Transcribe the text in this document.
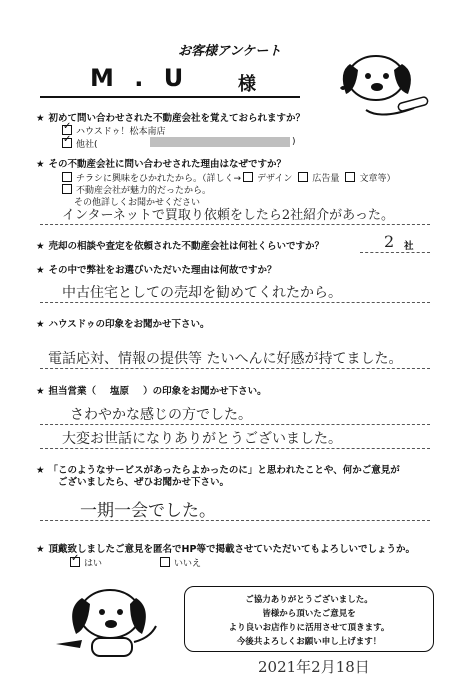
お客様アンケート
M . U	様
★ 初めて問い合わせされた不動産会社を覚えておられますか？
✓ハウスドゥ！松本南店
✓他社(	)
★ その不動産会社に問い合わせされた理由はなぜですか？
チラシに興味をひかれたから。（詳しく→ デザイン 広告量 文章等）
不動産会社が魅力的だったから。
その他詳しくお聞かせください
インターネットで買取り依頼をしたら2社紹介があった。
★ 売却の相談や査定を依頼された不動産会社は何社くらいですか？	2 社
★ その中で弊社をお選びいただいた理由は何故ですか？
中古住宅としての売却を勧めてくれたから。
★ ハウスドゥの印象をお聞かせ下さい。
電話応対、情報の提供等 たいへんに好感が持てました。
★ 担当営業（ 塩原 ）の印象をお聞かせ下さい。
さわやかな感じの方でした。
大変お世話になりありがとうございました。
★ 「このようなサービスがあったらよかったのに」と思われたことや、何かご意見が
ございましたら、ぜひお聞かせ下さい。
一期一会でした。
★ 頂戴致しましたご意見を匿名でHP等で掲載させていただいてもよろしいでしょうか。
✓はい	いいえ
ご協力ありがとうございました。
皆様から頂いたご意見を
より良いお店作りに活用させて頂きます。
今後共よろしくお願い申し上げます！
2021年2月18日
